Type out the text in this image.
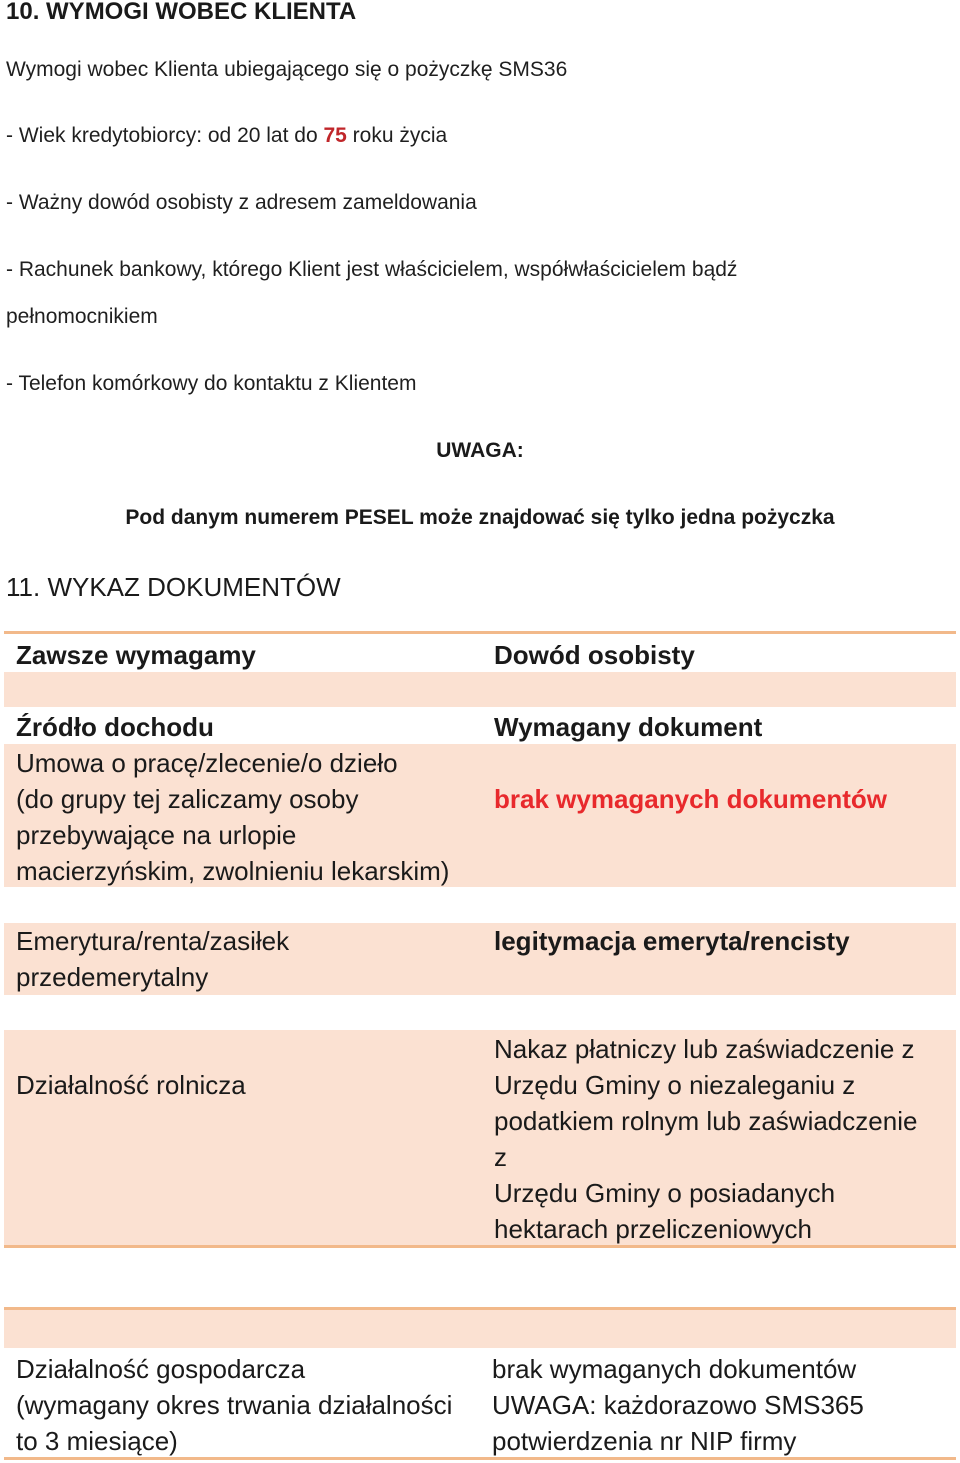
10. WYMOGI WOBEC KLIENTA
Wymogi wobec Klienta ubiegającego się o pożyczkę SMS36
- Wiek kredytobiorcy: od 20 lat do 75 roku życia
- Ważny dowód osobisty z adresem zameldowania
- Rachunek bankowy, którego Klient jest właścicielem, współwłaścicielem bądź
pełnomocnikiem
- Telefon komórkowy do kontaktu z Klientem
UWAGA:
Pod danym numerem PESEL może znajdować się tylko jedna pożyczka
11. WYKAZ DOKUMENTÓW
Zawsze wymagamy	Dowód osobisty
Źródło dochodu	Wymagany dokument
Umowa o pracę/zlecenie/o dzieło
(do grupy tej zaliczamy osoby
przebywające na urlopie
macierzyńskim, zwolnieniu lekarskim)
brak wymaganych dokumentów
Emerytura/renta/zasiłek
przedemerytalny
legitymacja emeryta/rencisty
Działalność rolnicza
Nakaz płatniczy lub zaświadczenie z
Urzędu Gminy o niezaleganiu z
podatkiem rolnym lub zaświadczenie
z
Urzędu Gminy o posiadanych
hektarach przeliczeniowych
Działalność gospodarcza
(wymagany okres trwania działalności
to 3 miesiące)
brak wymaganych dokumentów
UWAGA: każdorazowo SMS365
potwierdzenia nr NIP firmy
